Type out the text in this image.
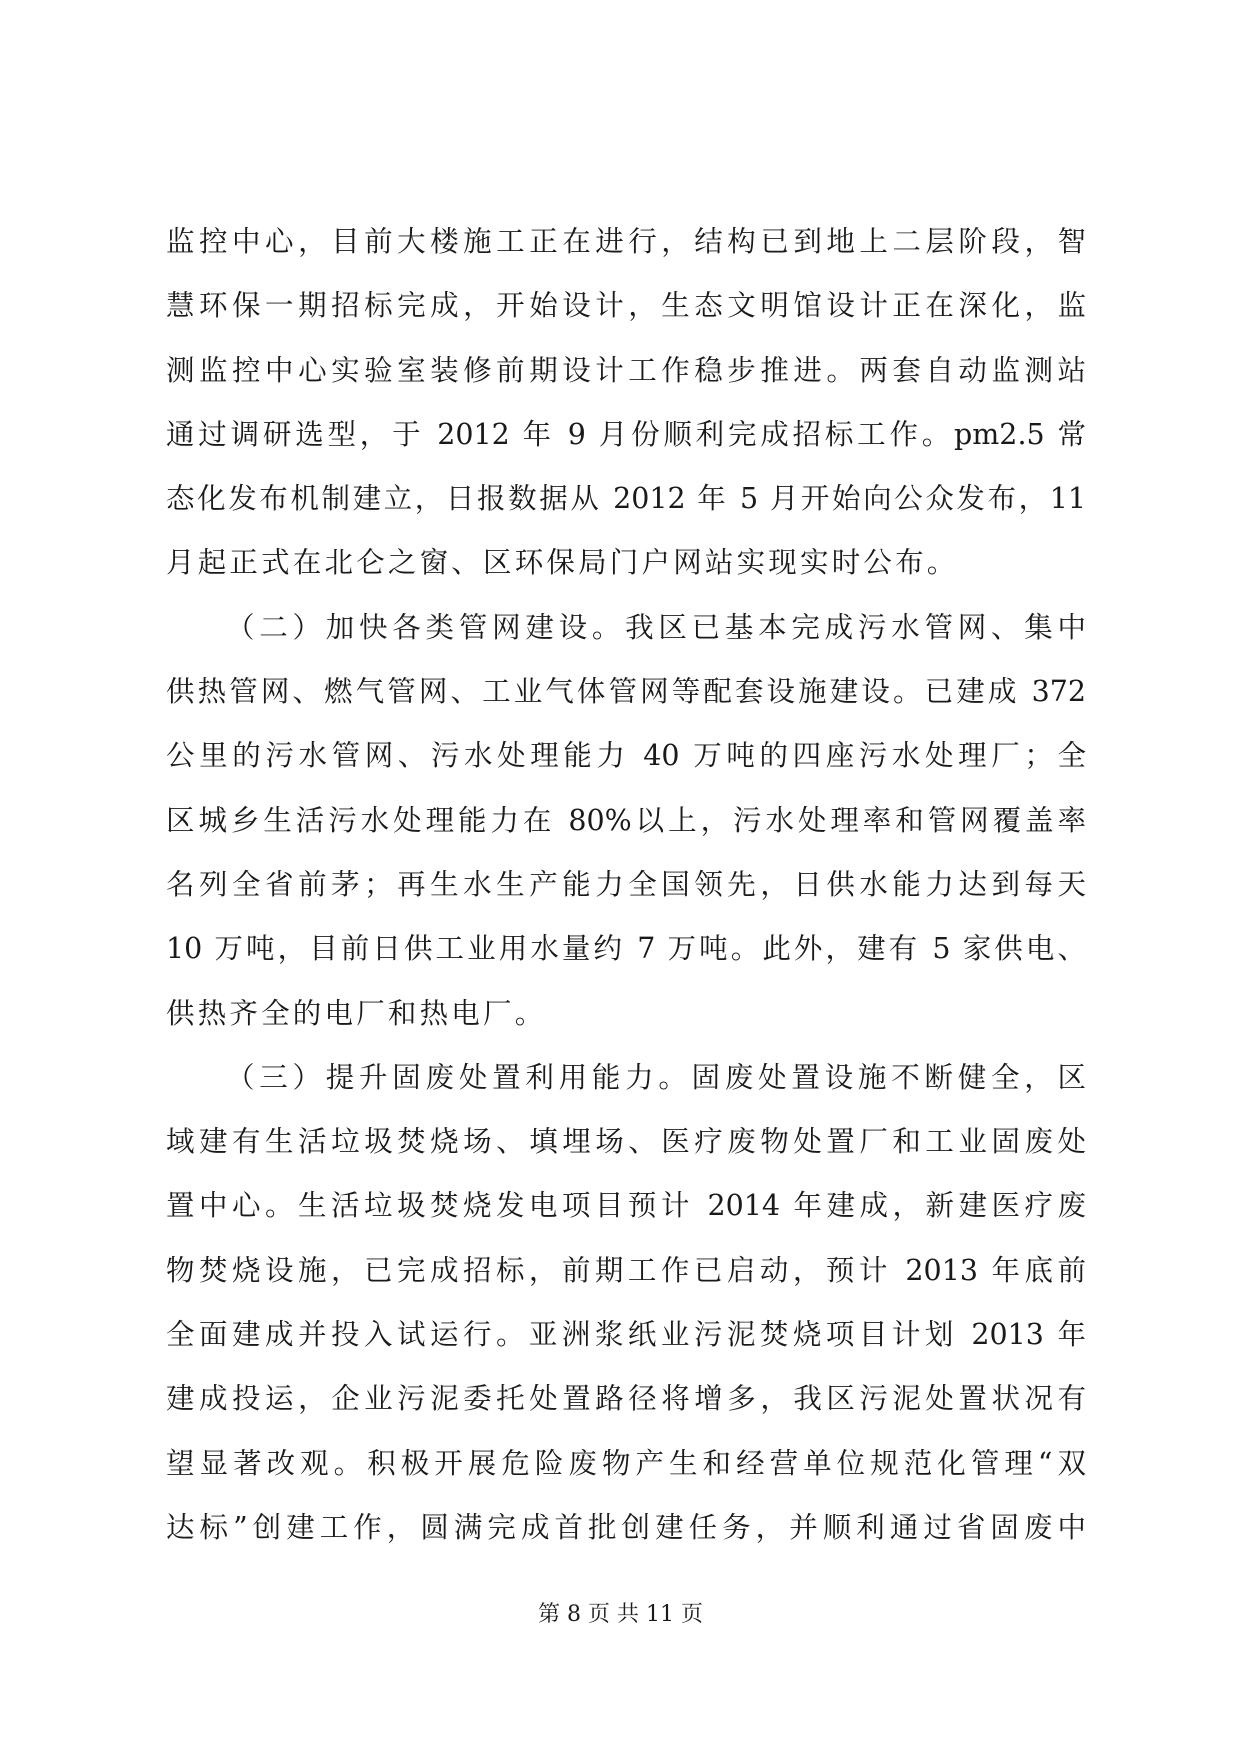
监控中心，目前大楼施工正在进行，结构已到地上二层阶段，智
慧环保一期招标完成，开始设计，生态文明馆设计正在深化，监
测监控中心实验室装修前期设计工作稳步推进。两套自动监测站
通过调研选型，于 2012 年 9 月份顺利完成招标工作。pm2.5 常
态化发布机制建立，日报数据从 2012 年 5 月开始向公众发布，11
月起正式在北仑之窗、区环保局门户网站实现实时公布。
（二）加快各类管网建设。我区已基本完成污水管网、集中
供热管网、燃气管网、工业气体管网等配套设施建设。已建成 372
公里的污水管网、污水处理能力 40 万吨的四座污水处理厂；全
区城乡生活污水处理能力在 80%以上，污水处理率和管网覆盖率
名列全省前茅；再生水生产能力全国领先，日供水能力达到每天
10 万吨，目前日供工业用水量约 7 万吨。此外，建有 5 家供电、
供热齐全的电厂和热电厂。
（三）提升固废处置利用能力。固废处置设施不断健全，区
域建有生活垃圾焚烧场、填埋场、医疗废物处置厂和工业固废处
置中心。生活垃圾焚烧发电项目预计 2014 年建成，新建医疗废
物焚烧设施，已完成招标，前期工作已启动，预计 2013 年底前
全面建成并投入试运行。亚洲浆纸业污泥焚烧项目计划 2013 年
建成投运，企业污泥委托处置路径将增多，我区污泥处置状况有
望显著改观。积极开展危险废物产生和经营单位规范化管理“双
达标”创建工作，圆满完成首批创建任务，并顺利通过省固废中
第 8 页 共 11 页
